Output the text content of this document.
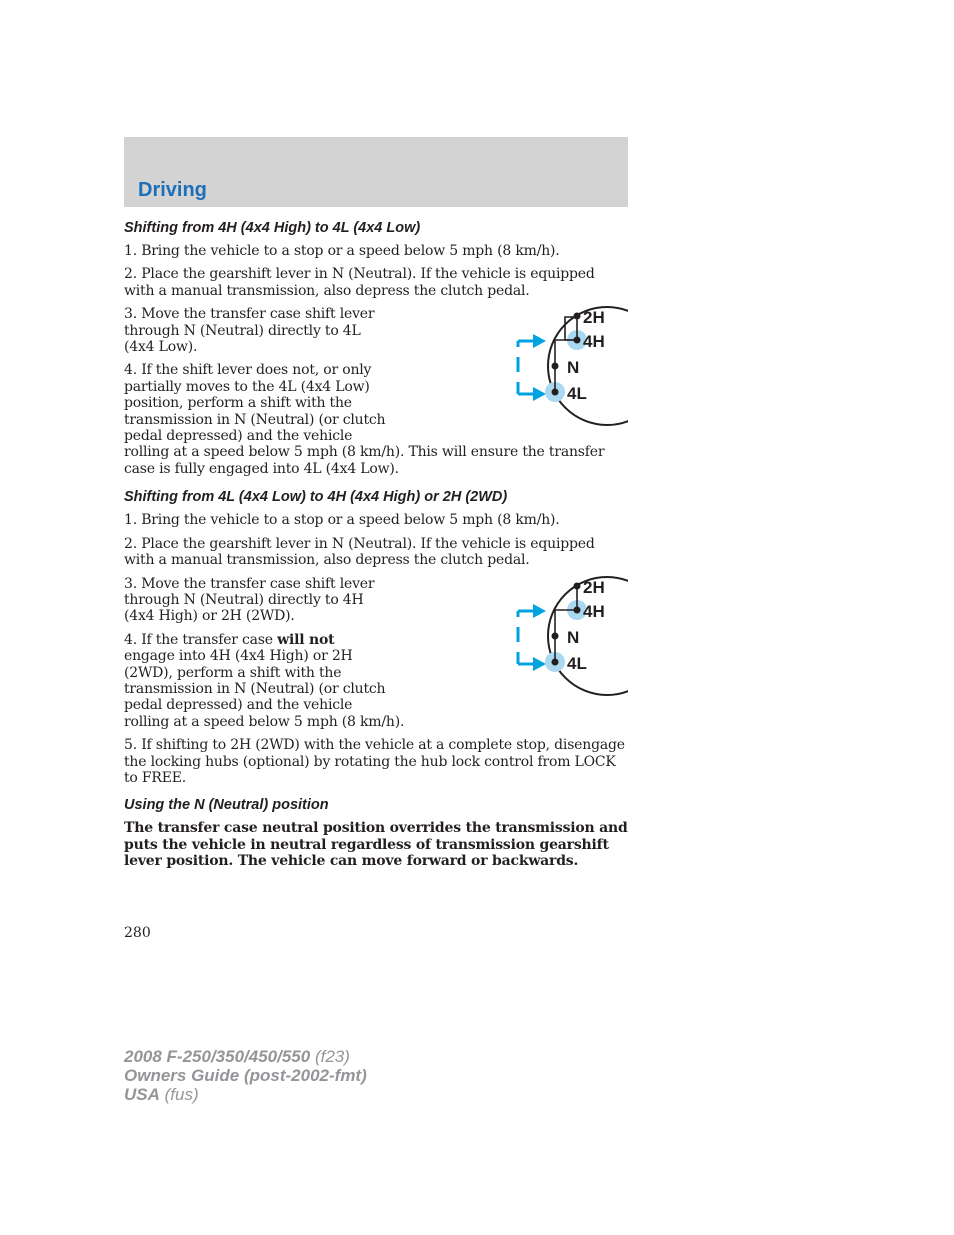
Driving
Shifting from 4H (4x4 High) to 4L (4x4 Low)

1. Bring the vehicle to a stop or a speed below 5 mph (8 km/h).

2. Place the gearshift lever in N (Neutral). If the vehicle is equipped with a manual transmission, also depress the clutch pedal.

2H
4H
N
4L

3. Move the transfer case shift lever through N (Neutral) directly to 4L (4x4 Low).

4. If the shift lever does not, or only partially moves to the 4L (4x4 Low) position, perform a shift with the transmission in N (Neutral) (or clutch pedal depressed) and the vehicle rolling at a speed below 5 mph (8 km/h). This will ensure the transfer case is fully engaged into 4L (4x4 Low).

Shifting from 4L (4x4 Low) to 4H (4x4 High) or 2H (2WD)

1. Bring the vehicle to a stop or a speed below 5 mph (8 km/h).

2. Place the gearshift lever in N (Neutral). If the vehicle is equipped with a manual transmission, also depress the clutch pedal.

2H
4H
N
4L

3. Move the transfer case shift lever through N (Neutral) directly to 4H (4x4 High) or 2H (2WD).

4. If the transfer case will not engage into 4H (4x4 High) or 2H (2WD), perform a shift with the transmission in N (Neutral) (or clutch pedal depressed) and the vehicle rolling at a speed below 5 mph (8 km/h).

5. If shifting to 2H (2WD) with the vehicle at a complete stop, disengage the locking hubs (optional) by rotating the hub lock control from LOCK to FREE.

Using the N (Neutral) position

The transfer case neutral position overrides the transmission and puts the vehicle in neutral regardless of transmission gearshift lever position. The vehicle can move forward or backwards.

280
2008 F-250/350/450/550 (f23)
Owners Guide (post-2002-fmt)
USA (fus)
